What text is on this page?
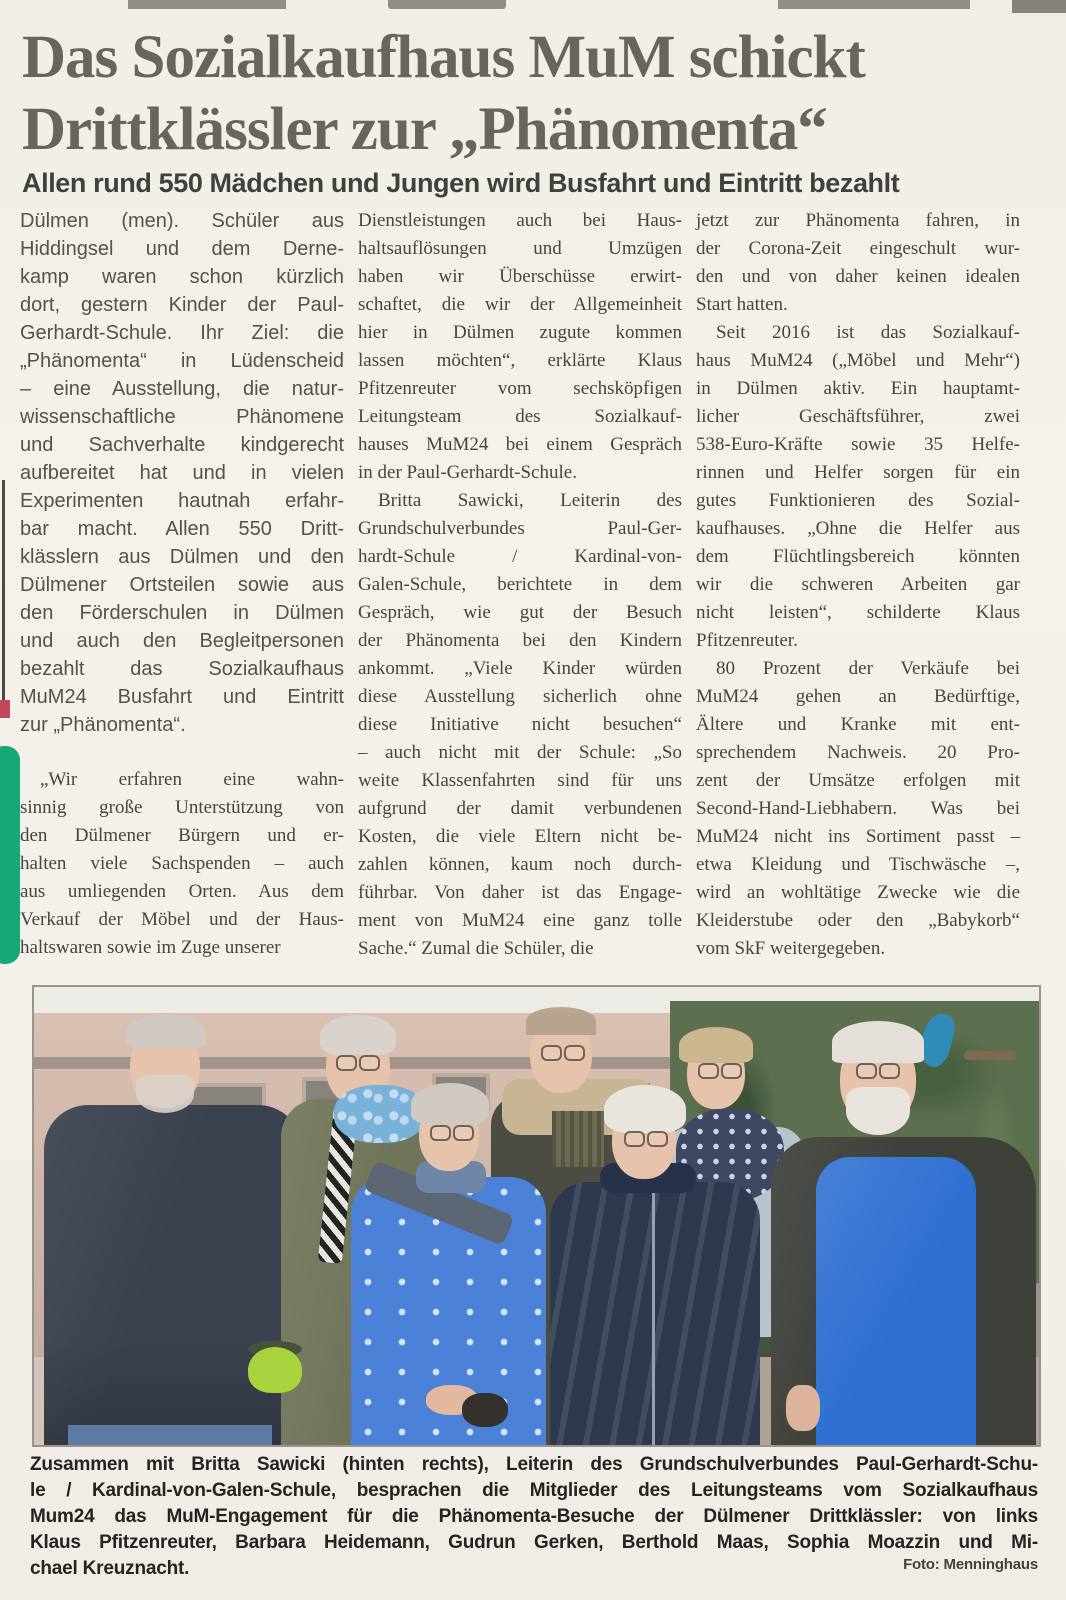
Das Sozialkaufhaus MuM schickt
Drittklässler zur „Phänomenta“
Allen rund 550 Mädchen und Jungen wird Busfahrt und Eintritt bezahlt
Dülmen (men). Schüler aus
Hiddingsel und dem Derne-
kamp waren schon kürzlich
dort, gestern Kinder der Paul-
Gerhardt-Schule. Ihr Ziel: die
„Phänomenta“ in Lüdenscheid
– eine Ausstellung, die natur-
wissenschaftliche Phänomene
und Sachverhalte kindgerecht
aufbereitet hat und in vielen
Experimenten hautnah erfahr-
bar macht. Allen 550 Dritt-
klässlern aus Dülmen und den
Dülmener Ortsteilen sowie aus
den Förderschulen in Dülmen
und auch den Begleitpersonen
bezahlt das Sozialkaufhaus
MuM24 Busfahrt und Eintritt
zur „Phänomenta“.
„Wir erfahren eine wahn-
sinnig große Unterstützung von
den Dülmener Bürgern und er-
halten viele Sachspenden – auch
aus umliegenden Orten. Aus dem
Verkauf der Möbel und der Haus-
haltswaren sowie im Zuge unserer
Dienstleistungen auch bei Haus-
haltsauflösungen und Umzügen
haben wir Überschüsse erwirt-
schaftet, die wir der Allgemeinheit
hier in Dülmen zugute kommen
lassen möchten“, erklärte Klaus
Pfitzenreuter vom sechsköpfigen
Leitungsteam des Sozialkauf-
hauses MuM24 bei einem Gespräch
in der Paul-Gerhardt-Schule.
Britta Sawicki, Leiterin des
Grundschulverbundes Paul-Ger-
hardt-Schule / Kardinal-von-
Galen-Schule, berichtete in dem
Gespräch, wie gut der Besuch
der Phänomenta bei den Kindern
ankommt. „Viele Kinder würden
diese Ausstellung sicherlich ohne
diese Initiative nicht besuchen“
– auch nicht mit der Schule: „So
weite Klassenfahrten sind für uns
aufgrund der damit verbundenen
Kosten, die viele Eltern nicht be-
zahlen können, kaum noch durch-
führbar. Von daher ist das Engage-
ment von MuM24 eine ganz tolle
Sache.“ Zumal die Schüler, die
jetzt zur Phänomenta fahren, in
der Corona-Zeit eingeschult wur-
den und von daher keinen idealen
Start hatten.
Seit 2016 ist das Sozialkauf-
haus MuM24 („Möbel und Mehr“)
in Dülmen aktiv. Ein hauptamt-
licher Geschäftsführer, zwei
538-Euro-Kräfte sowie 35 Helfe-
rinnen und Helfer sorgen für ein
gutes Funktionieren des Sozial-
kaufhauses. „Ohne die Helfer aus
dem Flüchtlingsbereich könnten
wir die schweren Arbeiten gar
nicht leisten“, schilderte Klaus
Pfitzenreuter.
80 Prozent der Verkäufe bei
MuM24 gehen an Bedürftige,
Ältere und Kranke mit ent-
sprechendem Nachweis. 20 Pro-
zent der Umsätze erfolgen mit
Second-Hand-Liebhabern. Was bei
MuM24 nicht ins Sortiment passt –
etwa Kleidung und Tischwäsche –,
wird an wohltätige Zwecke wie die
Kleiderstube oder den „Babykorb“
vom SkF weitergegeben.
Zusammen mit Britta Sawicki (hinten rechts), Leiterin des Grundschulverbundes Paul-Gerhardt-Schu-
le / Kardinal-von-Galen-Schule, besprachen die Mitglieder des Leitungsteams vom Sozialkaufhaus
Mum24 das MuM-Engagement für die Phänomenta-Besuche der Dülmener Drittklässler: von links
Klaus Pfitzenreuter, Barbara Heidemann, Gudrun Gerken, Berthold Maas, Sophia Moazzin und Mi-
chael Kreuznacht.	Foto: Menninghaus
